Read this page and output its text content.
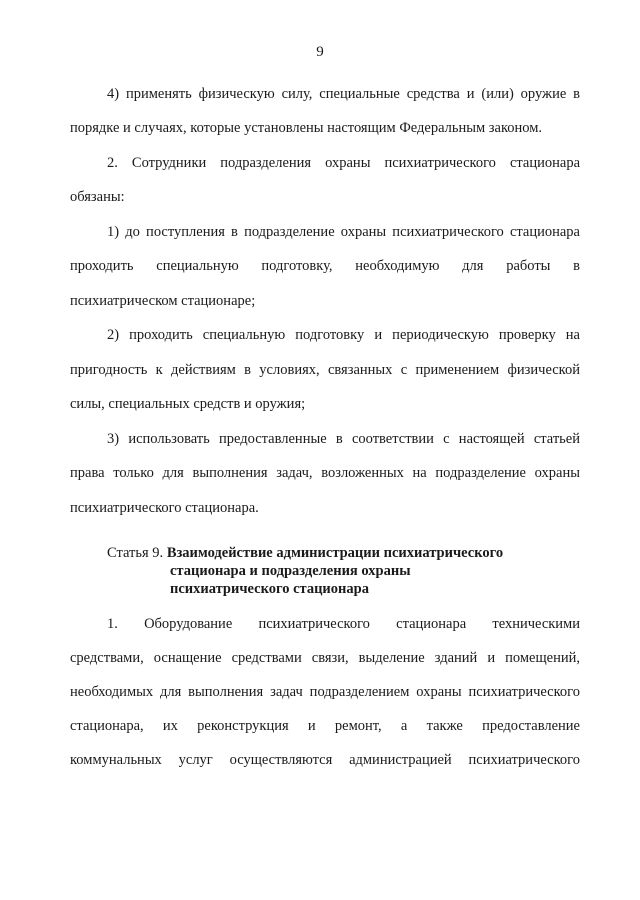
9
4) применять физическую силу, специальные средства и (или) оружие в
порядке и случаях, которые установлены настоящим Федеральным законом.
2. Сотрудники подразделения охраны психиатрического стационара
обязаны:
1) до поступления в подразделение охраны психиатрического стационара
проходить специальную подготовку, необходимую для работы в
психиатрическом стационаре;
2) проходить специальную подготовку и периодическую проверку на
пригодность к действиям в условиях, связанных с применением физической
силы, специальных средств и оружия;
3) использовать предоставленные в соответствии с настоящей статьей
права только для выполнения задач, возложенных на подразделение охраны
психиатрического стационара.
Статья 9. Взаимодействие администрации психиатрического
стационара и подразделения охраны
психиатрического стационара
1. Оборудование психиатрического стационара техническими
средствами, оснащение средствами связи, выделение зданий и помещений,
необходимых для выполнения задач подразделением охраны психиатрического
стационара, их реконструкция и ремонт, а также предоставление
коммунальных услуг осуществляются администрацией психиатрического
